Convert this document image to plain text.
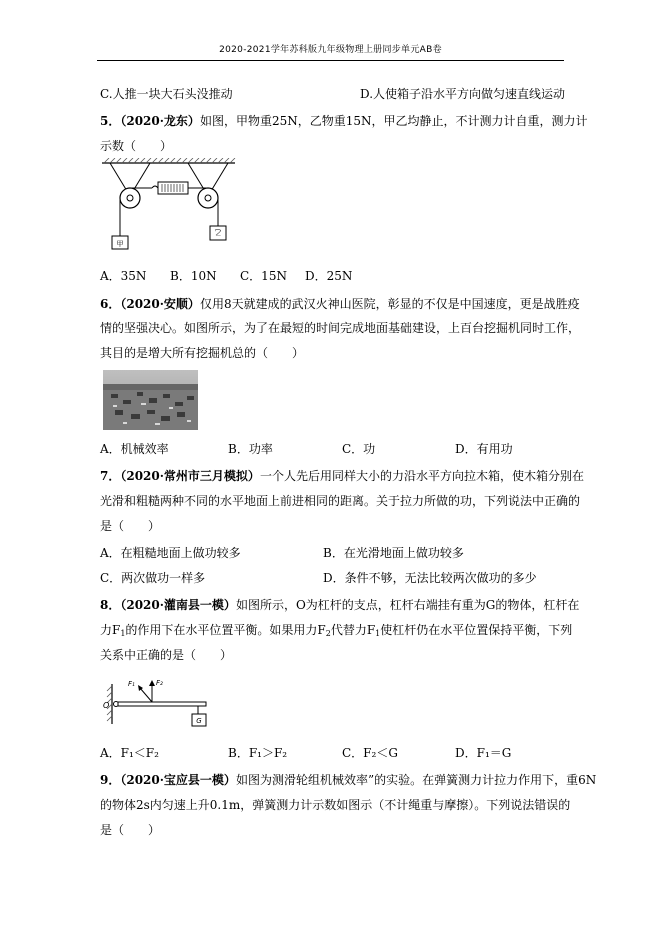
2020-2021学年苏科版九年级物理上册同步单元AB卷
C.人推一块大石头没推动	D.人使箱子沿水平方向做匀速直线运动
5．（2020·龙东）如图，甲物重25N，乙物重15N，甲乙均静止，不计测力计自重，测力计
示数（　　）
甲
乙
A．35N B．10N C．15N D．25N
6．（2020·安顺）仅用8天就建成的武汉火神山医院，彰显的不仅是中国速度，更是战胜疫
情的坚强决心。如图所示，为了在最短的时间完成地面基础建设，上百台挖掘机同时工作，
其目的是增大所有挖掘机总的（　　）
A．机械效率	B．功率	C．功	D．有用功
7．（2020·常州市三月模拟）一个人先后用同样大小的力沿水平方向拉木箱，使木箱分别在
光滑和粗糙两种不同的水平地面上前进相同的距离。关于拉力所做的功，下列说法中正确的
是（　　）
A．在粗糙地面上做功较多	B．在光滑地面上做功较多
C．两次做功一样多	D．条件不够，无法比较两次做功的多少
8．（2020·灌南县一模）如图所示，O为杠杆的支点，杠杆右端挂有重为G的物体，杠杆在
力$F_1$的作用下在水平位置平衡。如果用力$F_2$代替力$F_1$使杠杆仍在水平位置保持平衡，下列
关系中正确的是（　　）
O
F₁	F₂
G
A．F₁＜F₂	B．F₁＞F₂	C．F₂＜G	D．F₁＝G
9．（2020·宝应县一模）如图为测滑轮组机械效率”的实验。在弹簧测力计拉力作用下，重6N
的物体2s内匀速上升0.1m，弹簧测力计示数如图示（不计绳重与摩擦）。下列说法错误的
是（　　）
